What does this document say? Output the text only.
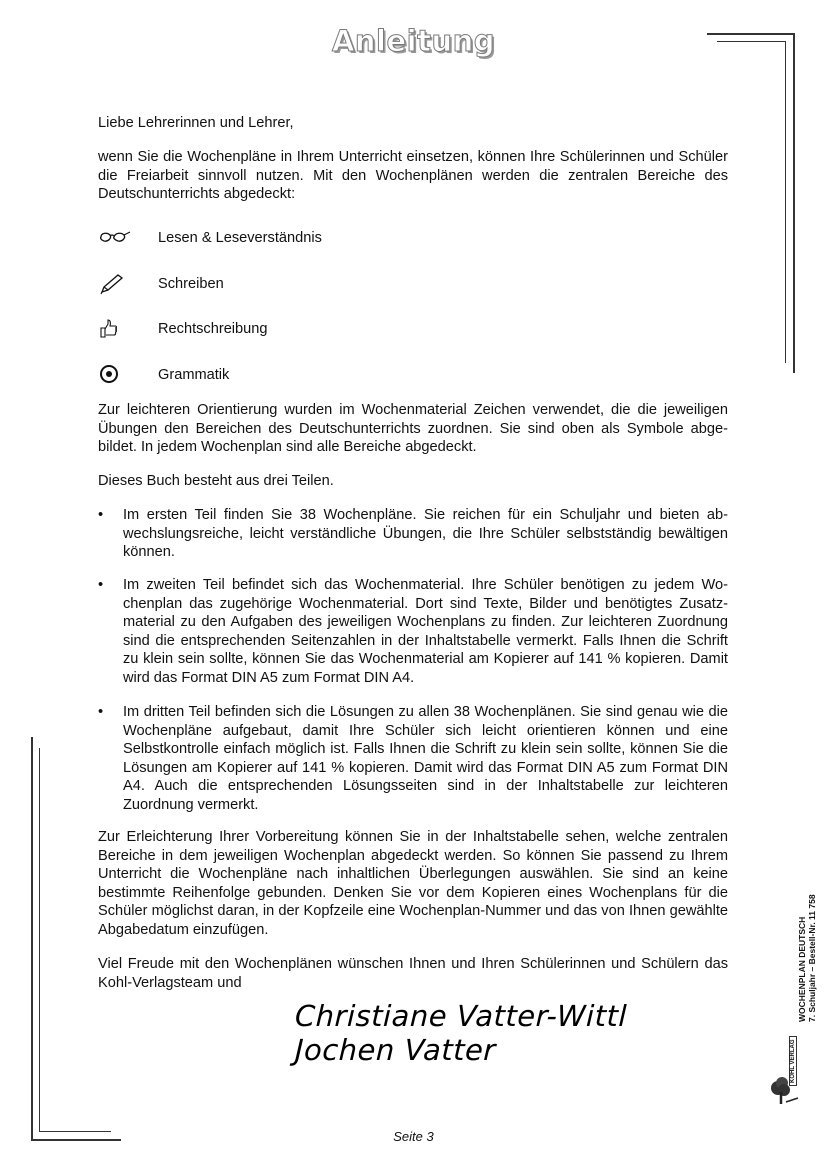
Anleitung

Liebe Lehrerinnen und Lehrer,

wenn Sie die Wochenpläne in Ihrem Unterricht einsetzen, können Ihre Schülerinnen und Schüler die Freiarbeit sinnvoll nutzen. Mit den Wochenplänen werden die zentralen Bereiche des Deutschunterrichts abgedeckt:

Lesen & Leseverständnis
Schreiben
Rechtschreibung
Grammatik

Zur leichteren Orientierung wurden im Wochenmaterial Zeichen verwendet, die die jeweiligen Übungen den Bereichen des Deutschunterrichts zuordnen. Sie sind oben als Symbole abgebildet. In jedem Wochenplan sind alle Bereiche abgedeckt.

Dieses Buch besteht aus drei Teilen.

• Im ersten Teil finden Sie 38 Wochenpläne. Sie reichen für ein Schuljahr und bieten abwechslungsreiche, leicht verständliche Übungen, die Ihre Schüler selbstständig bewältigen können.
• Im zweiten Teil befindet sich das Wochenmaterial. Ihre Schüler benötigen zu jedem Wochenplan das zugehörige Wochenmaterial. Dort sind Texte, Bilder und benötigtes Zusatzmaterial zu den Aufgaben des jeweiligen Wochenplans zu finden. Zur leichteren Zuordnung sind die entsprechenden Seitenzahlen in der Inhaltstabelle vermerkt. Falls Ihnen die Schrift zu klein sein sollte, können Sie das Wochenmaterial am Kopierer auf 141 % kopieren. Damit wird das Format DIN A5 zum Format DIN A4.
• Im dritten Teil befinden sich die Lösungen zu allen 38 Wochenplänen. Sie sind genau wie die Wochenpläne aufgebaut, damit Ihre Schüler sich leicht orientieren können und eine Selbstkontrolle einfach möglich ist. Falls Ihnen die Schrift zu klein sein sollte, können Sie die Lösungen am Kopierer auf 141 % kopieren. Damit wird das Format DIN A5 zum Format DIN A4. Auch die entsprechenden Lösungsseiten sind in der Inhaltstabelle zur leichteren Zuordnung vermerkt.

Zur Erleichterung Ihrer Vorbereitung können Sie in der Inhaltstabelle sehen, welche zentralen Bereiche in dem jeweiligen Wochenplan abgedeckt werden. So können Sie passend zu Ihrem Unterricht die Wochenpläne nach inhaltlichen Überlegungen auswählen. Sie sind an keine bestimmte Reihenfolge gebunden. Denken Sie vor dem Kopieren eines Wochenplans für die Schüler möglichst daran, in der Kopfzeile eine Wochenplan-Nummer und das von Ihnen gewählte Abgabedatum einzufügen.

Viel Freude mit den Wochenplänen wünschen Ihnen und Ihren Schülerinnen und Schülern das Kohl-Verlagsteam und

Christiane Vatter-Wittl
Jochen Vatter
WOCHENPLAN DEUTSCH 7. Schuljahr – Bestell-Nr. 11 758
KOHL VERLAG
Seite 3
